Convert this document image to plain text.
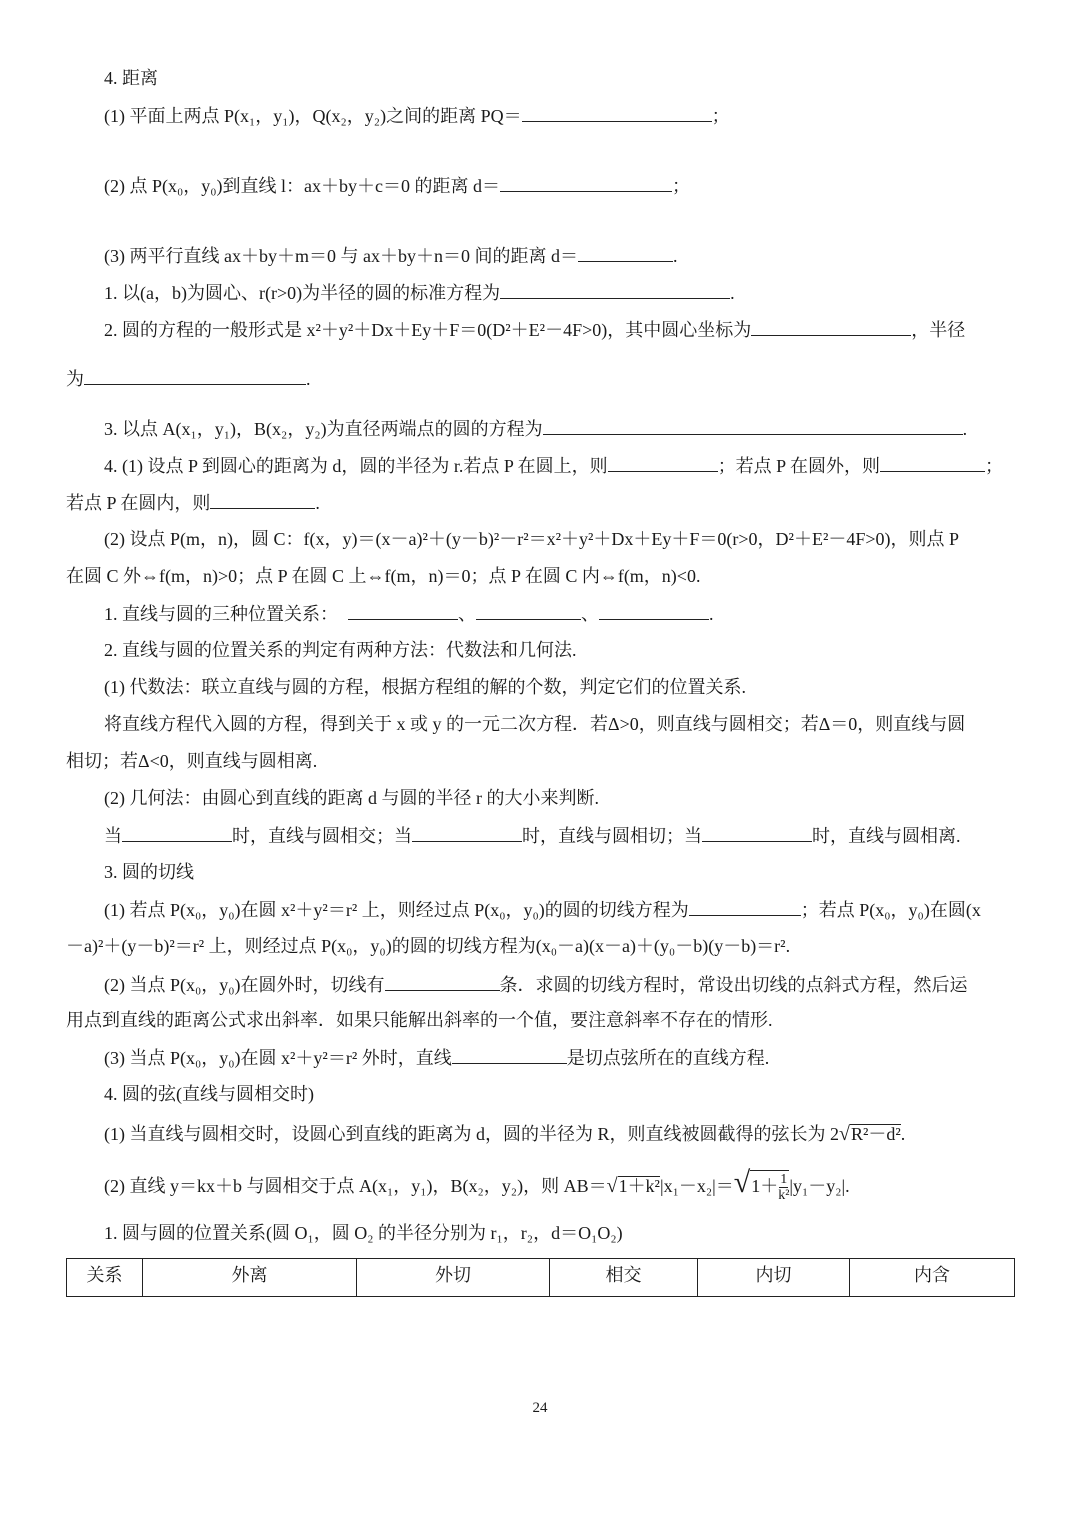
4. 距离
(1) 平面上两点 P(x₁，y₁)，Q(x₂，y₂)之间的距离 PQ＝	；
(2) 点 P(x₀，y₀)到直线 l：ax＋by＋c＝0 的距离 d＝	；
(3) 两平行直线 ax＋by＋m＝0 与 ax＋by＋n＝0 间的距离 d＝	.
1. 以(a，b)为圆心、r(r>0)为半径的圆的标准方程为	.
2. 圆的方程的一般形式是 x²＋y²＋Dx＋Ey＋F＝0(D²＋E²－4F>0)，其中圆心坐标为	，半径
为	.
3. 以点 A(x₁，y₁)，B(x₂，y₂)为直径两端点的圆的方程为	.
4. (1) 设点 P 到圆心的距离为 d，圆的半径为 r.若点 P 在圆上，则	；若点 P 在圆外，则	；
若点 P 在圆内，则	.
(2) 设点 P(m，n)，圆 C：f(x，y)＝(x－a)²＋(y－b)²－r²＝x²＋y²＋Dx＋Ey＋F＝0(r>0，D²＋E²－4F>0)，则点 P
在圆 C 外⇔f(m，n)>0；点 P 在圆 C 上⇔f(m，n)＝0；点 P 在圆 C 内⇔f(m，n)<0.
1. 直线与圆的三种位置关系：	、	、	.
2. 直线与圆的位置关系的判定有两种方法：代数法和几何法.
(1) 代数法：联立直线与圆的方程，根据方程组的解的个数，判定它们的位置关系.
将直线方程代入圆的方程，得到关于 x 或 y 的一元二次方程．若Δ>0，则直线与圆相交；若Δ＝0，则直线与圆
相切；若Δ<0，则直线与圆相离.
(2) 几何法：由圆心到直线的距离 d 与圆的半径 r 的大小来判断.
当	时，直线与圆相交；当	时，直线与圆相切；当	时，直线与圆相离.
3. 圆的切线
(1) 若点 P(x₀，y₀)在圆 x²＋y²＝r² 上，则经过点 P(x₀，y₀)的圆的切线方程为	；若点 P(x₀，y₀)在圆(x
－a)²＋(y－b)²＝r² 上，则经过点 P(x₀，y₀)的圆的切线方程为(x₀－a)(x－a)＋(y₀－b)(y－b)＝r².
(2) 当点 P(x₀，y₀)在圆外时，切线有	条．求圆的切线方程时，常设出切线的点斜式方程，然后运
用点到直线的距离公式求出斜率．如果只能解出斜率的一个值，要注意斜率不存在的情形.
(3) 当点 P(x₀，y₀)在圆 x²＋y²＝r² 外时，直线	是切点弦所在的直线方程.
4. 圆的弦(直线与圆相交时)
(1) 当直线与圆相交时，设圆心到直线的距离为 d，圆的半径为 R，则直线被圆截得的弦长为 2√R²－d².
(2) 直线 y＝kx＋b 与圆相交于点 A(x₁，y₁)，B(x₂，y₂)，则 $AB=√1+k^2|x_1-x_2|=√1+ \frac{1}{\text{k²}} |y_1-y_2|$.
1. 圆与圆的位置关系(圆 O₁，圆 O₂ 的半径分别为 r₁，r₂，d＝O₁O₂)
关系	外离	外切	相交	内切	内含
24
